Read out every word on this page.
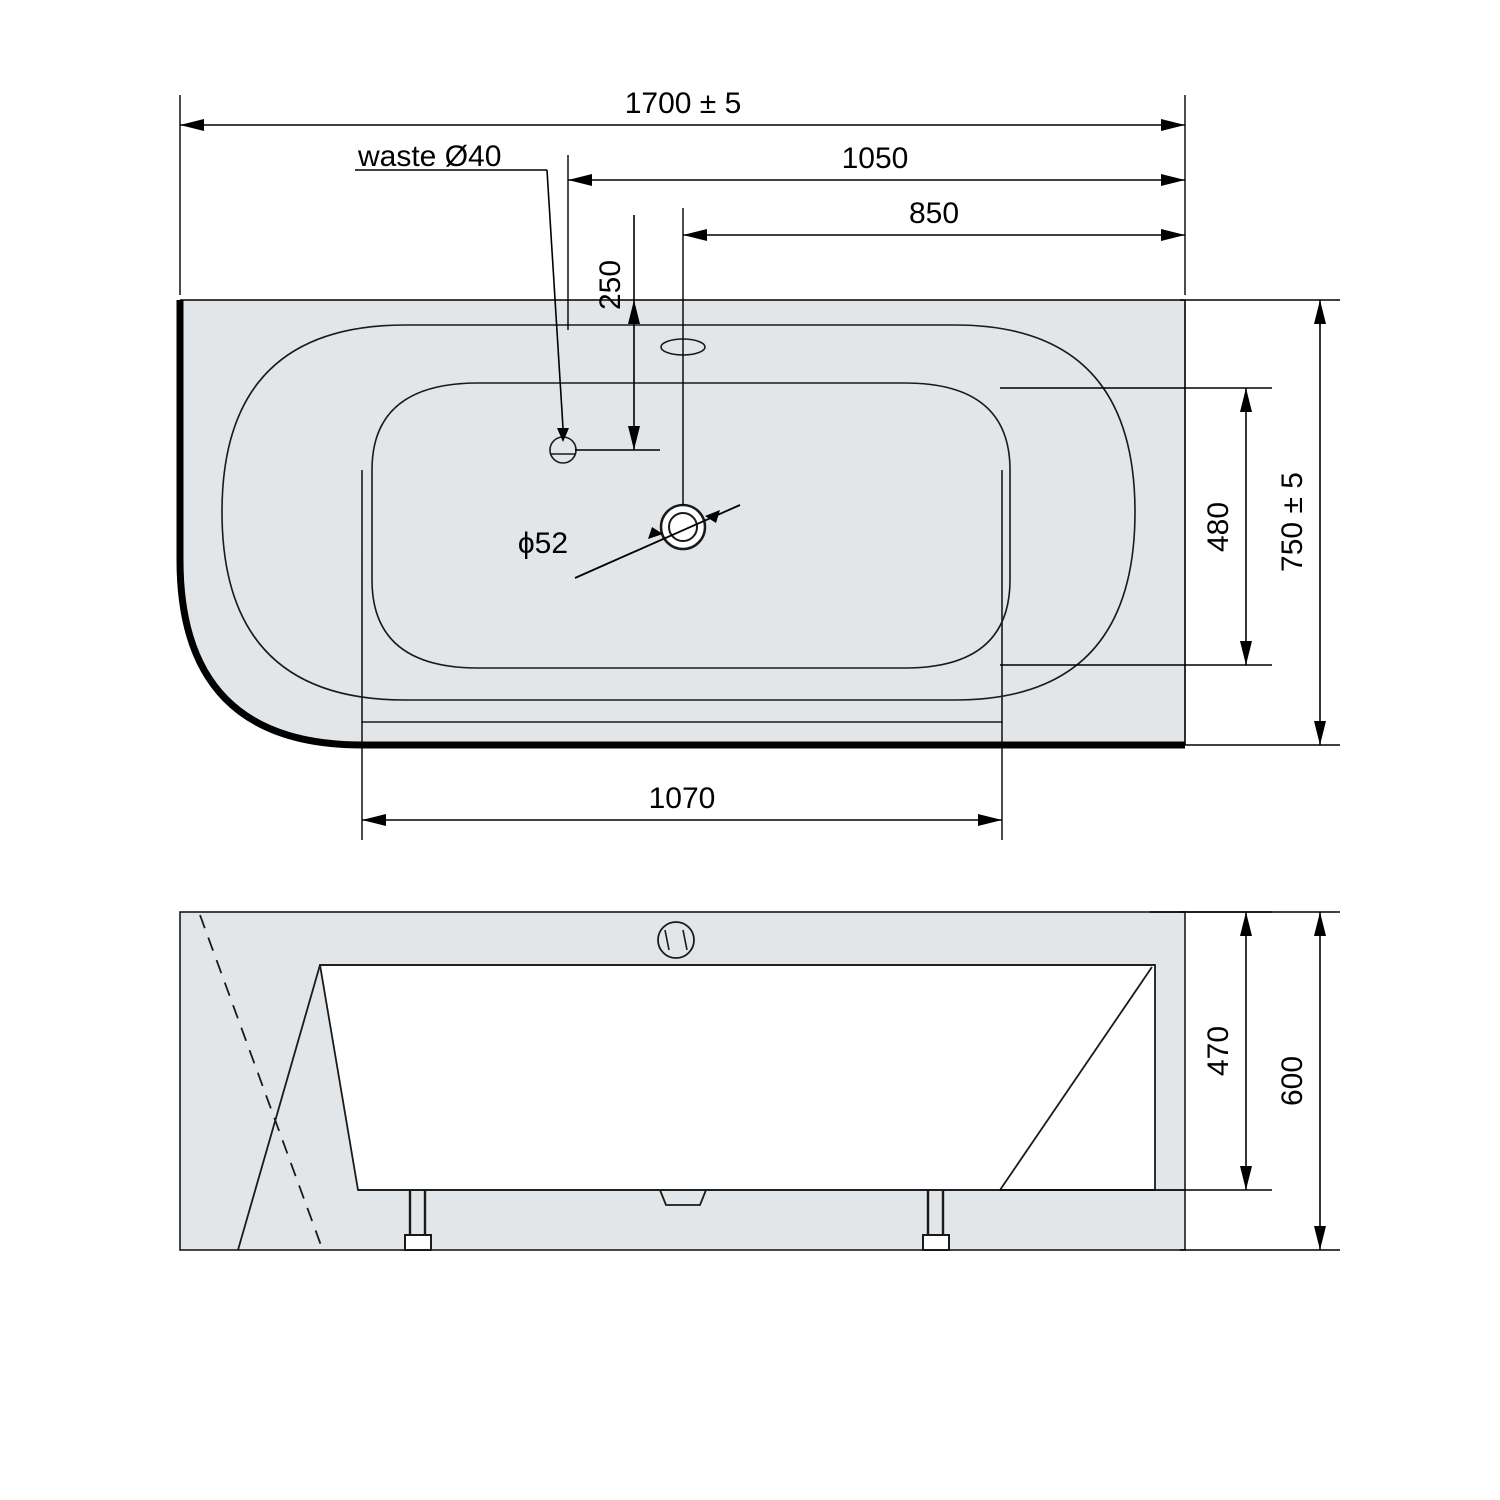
ϕ52
waste Ø40
1700 ± 5
1050
850
250
1070
750 ± 5
480
470
600
